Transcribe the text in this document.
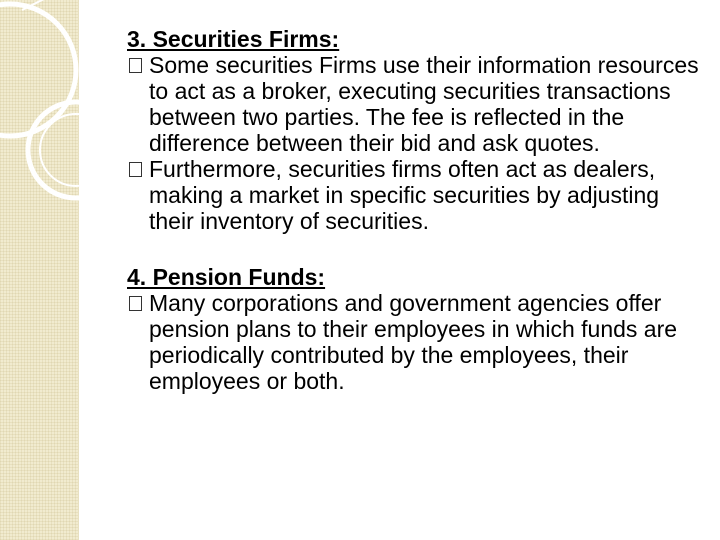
3. Securities Firms:

Some securities Firms use their information resources to act as a broker, executing securities transactions between two parties. The fee is reflected in the difference between their bid and ask quotes.
Furthermore, securities firms often act as dealers, making a market in specific securities by adjusting their inventory of securities.

4. Pension Funds:

Many corporations and government agencies offer pension plans to their employees in which funds are periodically contributed by the employees, their employees or both.
